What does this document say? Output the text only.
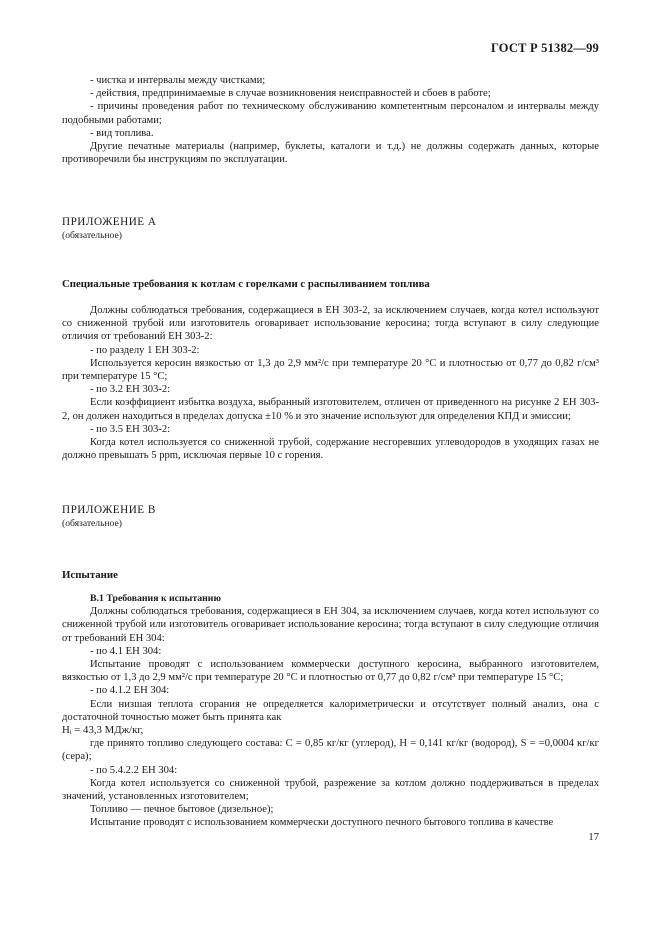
ГОСТ Р 51382—99

- чистка и интервалы между чистками;

- действия, предпринимаемые в случае возникновения неисправностей и сбоев в работе;

- причины проведения работ по техническому обслуживанию компетентным персоналом и интервалы между подобными работами;

- вид топлива.

Другие печатные материалы (например, буклеты, каталоги и т.д.) не должны содержать данных, которые противоречили бы инструкциям по эксплуатации.

ПРИЛОЖЕНИЕ А

(обязательное)

Специальные требования к котлам с горелками с распыливанием топлива

Должны соблюдаться требования, содержащиеся в ЕН 303-2, за исключением случаев, когда котел используют со сниженной трубой или изготовитель оговаривает использование керосина; тогда вступают в силу следующие отличия от требований ЕН 303-2:

- по разделу 1 ЕН 303-2:

Используется керосин вязкостью от 1,3 до 2,9 мм²/с при температуре 20 °С и плотностью от 0,77 до 0,82 г/см³ при температуре 15 °С;

- по 3.2 ЕН 303-2:

Если коэффициент избытка воздуха, выбранный изготовителем, отличен от приведенного на рисунке 2 ЕН 303-2, он должен находиться в пределах допуска ±10 % и это значение используют для определения КПД и эмиссии;

- по 3.5 ЕН 303-2:

Когда котел используется со сниженной трубой, содержание несгоревших углеводородов в уходящих газах не должно превышать 5 ppm, исключая первые 10 с горения.

ПРИЛОЖЕНИЕ В

(обязательное)

Испытание

В.1 Требования к испытанию

Должны соблюдаться требования, содержащиеся в ЕН 304, за исключением случаев, когда котел используют со сниженной трубой или изготовитель оговаривает использование керосина; тогда вступают в силу следующие отличия от требований ЕН 304:

- по 4.1 ЕН 304:

Испытание проводят с использованием коммерчески доступного керосина, выбранного изготовителем, вязкостью от 1,3 до 2,9 мм²/с при температуре 20 °С и плотностью от 0,77 до 0,82 г/см³ при температуре 15 °С;

- по 4.1.2 ЕН 304:

Если низшая теплота сгорания не определяется калориметрически и отсутствует полный анализ, она с достаточной точностью может быть принята как

Hᵢ = 43,3 МДж/кг,

где принято топливо следующего состава: С = 0,85 кг/кг (углерод), Н = 0,141 кг/кг (водород), S = =0,0004 кг/кг (сера);

- по 5.4.2.2 ЕН 304:

Когда котел используется со сниженной трубой, разрежение за котлом должно поддерживаться в пределах значений, установленных изготовителем;

Топливо — печное бытовое (дизельное);

Испытание проводят с использованием коммерчески доступного печного бытового топлива в качестве

17
